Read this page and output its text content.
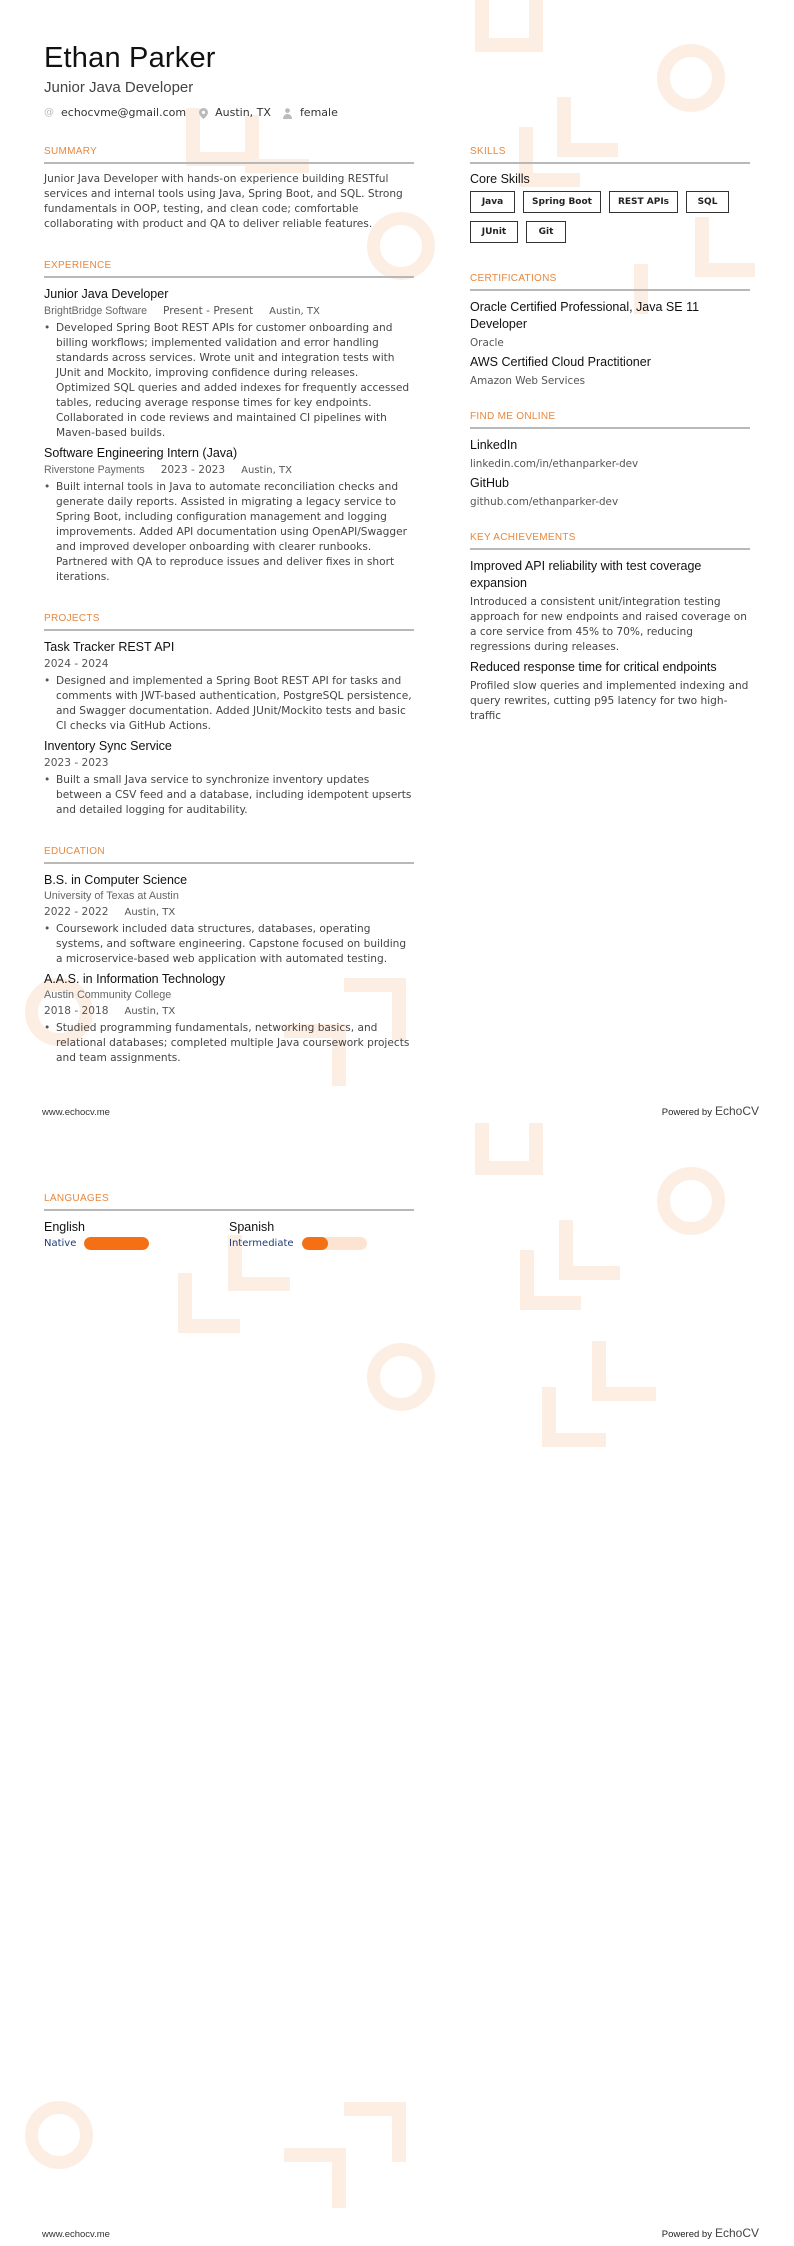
Ethan Parker
Junior Java Developer
@ echocvme@gmail.com	Austin, TX	female
SUMMARY
Junior Java Developer with hands-on experience building RESTful services and internal tools using Java, Spring Boot, and SQL. Strong fundamentals in OOP, testing, and clean code; comfortable collaborating with product and QA to deliver reliable features.
EXPERIENCE
Junior Java Developer
BrightBridge Software Present - Present Austin, TX
• Developed Spring Boot REST APIs for customer onboarding and billing workflows; implemented validation and error handling standards across services. Wrote unit and integration tests with JUnit and Mockito, improving confidence during releases. Optimized SQL queries and added indexes for frequently accessed tables, reducing average response times for key endpoints. Collaborated in code reviews and maintained CI pipelines with Maven-based builds.
Software Engineering Intern (Java)
Riverstone Payments 2023 - 2023 Austin, TX
• Built internal tools in Java to automate reconciliation checks and generate daily reports. Assisted in migrating a legacy service to Spring Boot, including configuration management and logging improvements. Added API documentation using OpenAPI/Swagger and improved developer onboarding with clearer runbooks. Partnered with QA to reproduce issues and deliver fixes in short iterations.
PROJECTS
Task Tracker REST API
2024 - 2024
• Designed and implemented a Spring Boot REST API for tasks and comments with JWT-based authentication, PostgreSQL persistence, and Swagger documentation. Added JUnit/Mockito tests and basic CI checks via GitHub Actions.
Inventory Sync Service
2023 - 2023
• Built a small Java service to synchronize inventory updates between a CSV feed and a database, including idempotent upserts and detailed logging for auditability.
EDUCATION
B.S. in Computer Science
University of Texas at Austin
2022 - 2022 Austin, TX
• Coursework included data structures, databases, operating systems, and software engineering. Capstone focused on building a microservice-based web application with automated testing.
A.A.S. in Information Technology
Austin Community College
2018 - 2018 Austin, TX
• Studied programming fundamentals, networking basics, and relational databases; completed multiple Java coursework projects and team assignments.
SKILLS
Core Skills
Java	Spring Boot	REST APIs	SQL
JUnit	Git
CERTIFICATIONS
Oracle Certified Professional, Java SE 11 Developer
Oracle
AWS Certified Cloud Practitioner
Amazon Web Services
FIND ME ONLINE
LinkedIn
linkedin.com/in/ethanparker-dev
GitHub
github.com/ethanparker-dev
KEY ACHIEVEMENTS
Improved API reliability with test coverage expansion
Introduced a consistent unit/integration testing approach for new endpoints and raised coverage on a core service from 45% to 70%, reducing regressions during releases.
Reduced response time for critical endpoints
Profiled slow queries and implemented indexing and query rewrites, cutting p95 latency for two high-traffic
www.echocv.me	Powered by EchoCV
LANGUAGES
English
Native
Spanish
Intermediate
www.echocv.me	Powered by EchoCV
